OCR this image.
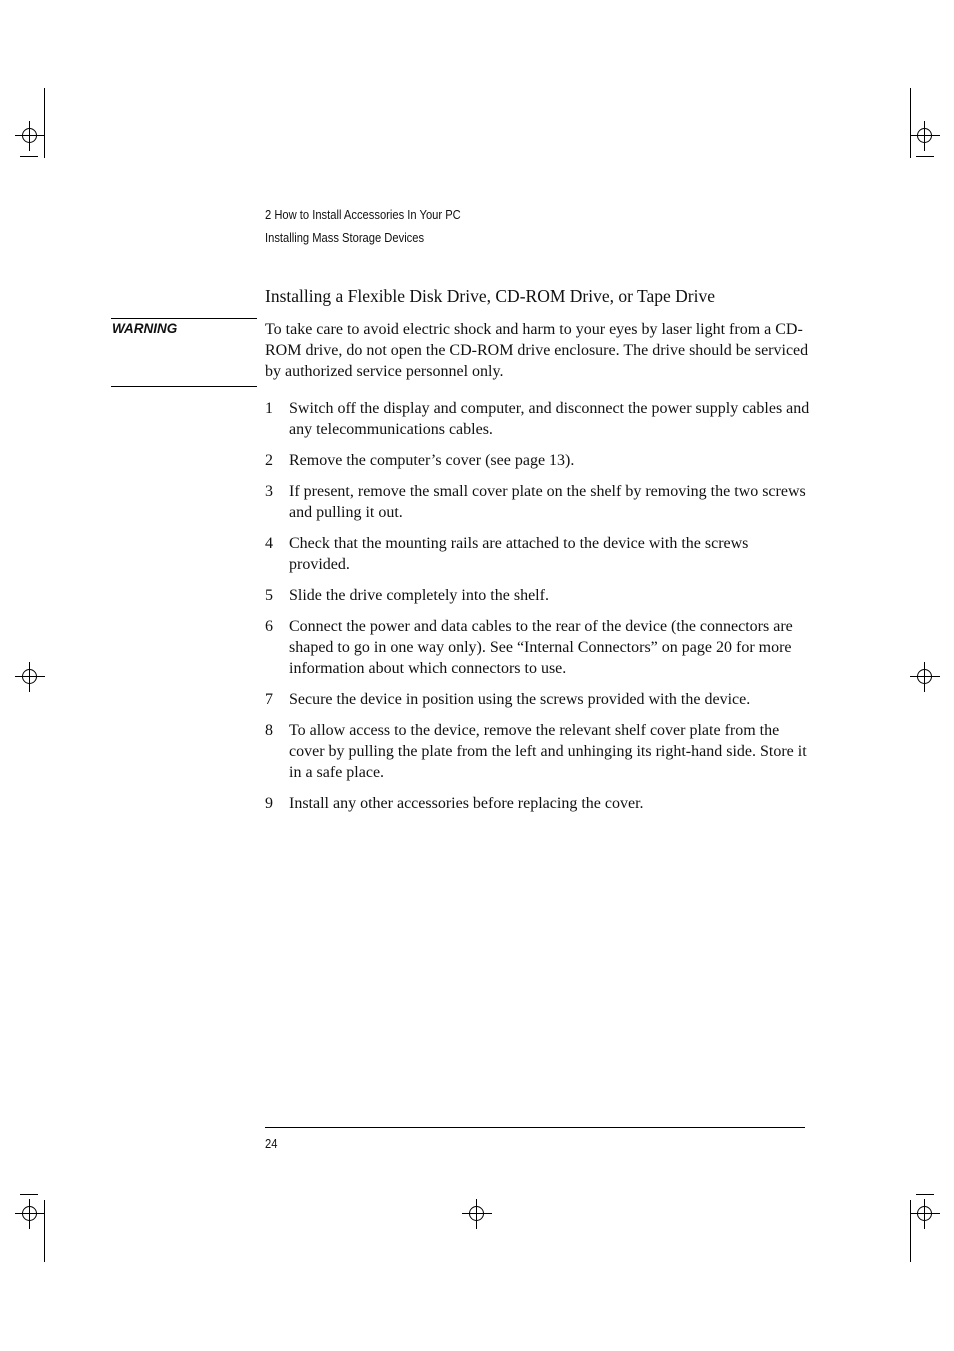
2 How to Install Accessories In Your PC
Installing Mass Storage Devices
Installing a Flexible Disk Drive, CD-ROM Drive, or Tape Drive
WARNING	To take care to avoid electric shock and harm to your eyes by laser light from a CD-ROM drive, do not open the CD-ROM drive enclosure. The drive should be serviced by authorized service personnel only.
1 Switch off the display and computer, and disconnect the power supply cables and any telecommunications cables.
2 Remove the computer’s cover (see page 13).
3 If present, remove the small cover plate on the shelf by removing the two screws and pulling it out.
4 Check that the mounting rails are attached to the device with the screws provided.
5 Slide the drive completely into the shelf.
6 Connect the power and data cables to the rear of the device (the connectors are shaped to go in one way only). See “Internal Connectors” on page 20 for more information about which connectors to use.
7 Secure the device in position using the screws provided with the device.
8 To allow access to the device, remove the relevant shelf cover plate from the cover by pulling the plate from the left and unhinging its right-hand side. Store it in a safe place.
9 Install any other accessories before replacing the cover.
24
